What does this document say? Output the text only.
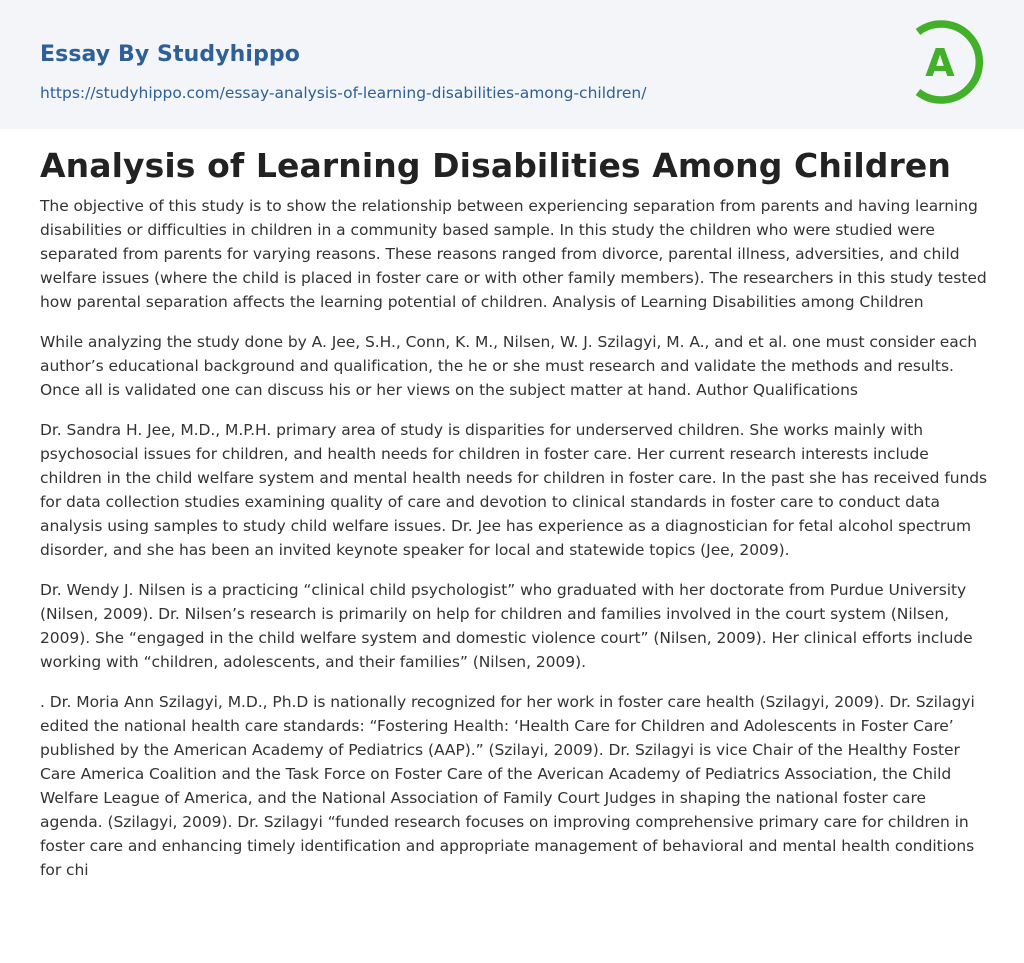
Essay By Studyhippo
https://studyhippo.com/essay-analysis-of-learning-disabilities-among-children/
A
Analysis of Learning Disabilities Among Children

The objective of this study is to show the relationship between experiencing separation from parents and having learning disabilities or difficulties in children in a community based sample. In this study the children who were studied were separated from parents for varying reasons. These reasons ranged from divorce, parental illness, adversities, and child welfare issues (where the child is placed in foster care or with other family members). The researchers in this study tested how parental separation affects the learning potential of children. Analysis of Learning Disabilities among Children

While analyzing the study done by A. Jee, S.H., Conn, K. M., Nilsen, W. J. Szilagyi, M. A., and et al. one must consider each author’s educational background and qualification, the he or she must research and validate the methods and results. Once all is validated one can discuss his or her views on the subject matter at hand. Author Qualifications

Dr. Sandra H. Jee, M.D., M.P.H. primary area of study is disparities for underserved children. She works mainly with psychosocial issues for children, and health needs for children in foster care. Her current research interests include children in the child welfare system and mental health needs for children in foster care. In the past she has received funds for data collection studies examining quality of care and devotion to clinical standards in foster care to conduct data analysis using samples to study child welfare issues. Dr. Jee has experience as a diagnostician for fetal alcohol spectrum disorder, and she has been an invited keynote speaker for local and statewide topics (Jee, 2009).

Dr. Wendy J. Nilsen is a practicing “clinical child psychologist” who graduated with her doctorate from Purdue University (Nilsen, 2009). Dr. Nilsen’s research is primarily on help for children and families involved in the court system (Nilsen, 2009). She “engaged in the child welfare system and domestic violence court” (Nilsen, 2009). Her clinical efforts include working with “children, adolescents, and their families” (Nilsen, 2009).

. Dr. Moria Ann Szilagyi, M.D., Ph.D is nationally recognized for her work in foster care health (Szilagyi, 2009). Dr. Szilagyi edited the national health care standards: “Fostering Health: ‘Health Care for Children and Adolescents in Foster Care’ published by the American Academy of Pediatrics (AAP).” (Szilayi, 2009). Dr. Szilagyi is vice Chair of the Healthy Foster Care America Coalition and the Task Force on Foster Care of the Averican Academy of Pediatrics Association, the Child Welfare League of America, and the National Association of Family Court Judges in shaping the national foster care agenda. (Szilagyi, 2009). Dr. Szilagyi “funded research focuses on improving comprehensive primary care for children in foster care and enhancing timely identification and appropriate management of behavioral and mental health conditions for chi
